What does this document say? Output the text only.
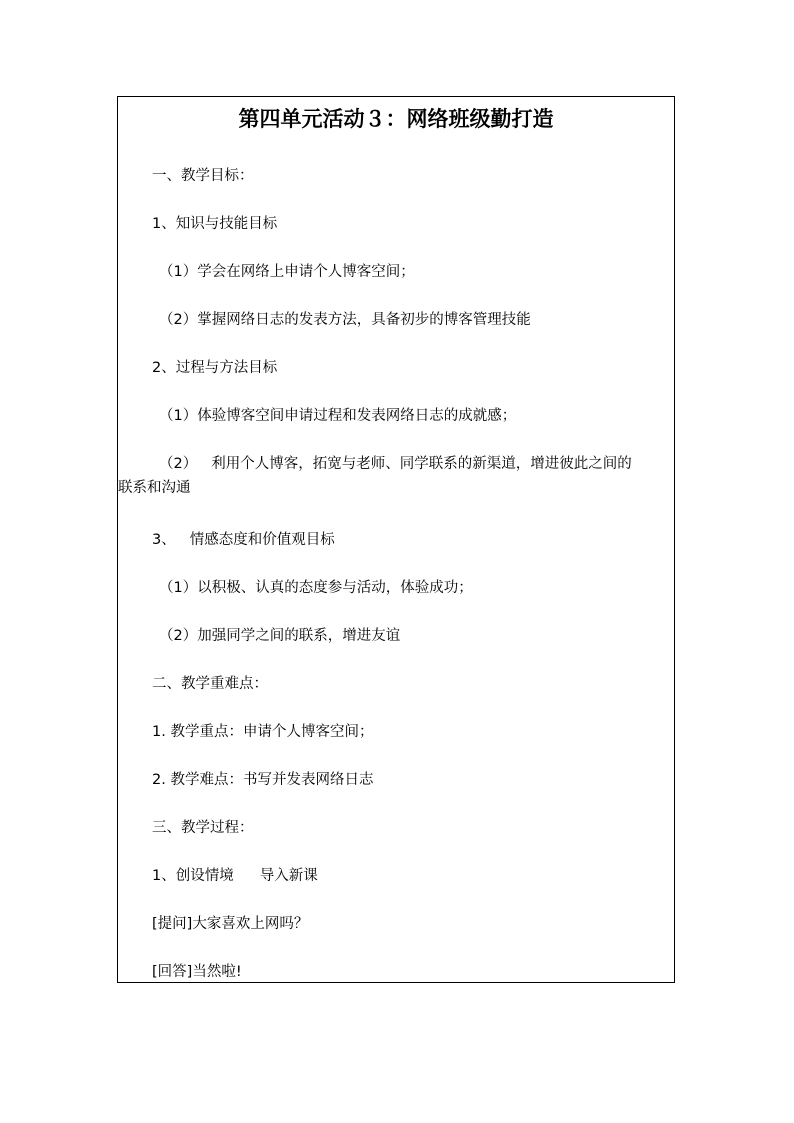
第四单元活动３：网络班级勤打造
一、教学目标：
1、知识与技能目标
（1）学会在网络上申请个人博客空间；
（2）掌握网络日志的发表方法，具备初步的博客管理技能
2、过程与方法目标
（1）体验博客空间申请过程和发表网络日志的成就感；
（2） 利用个人博客，拓宽与老师、同学联系的新渠道，增进彼此之间的
联系和沟通
3、 情感态度和价值观目标
（1）以积极、认真的态度参与活动，体验成功；
（2）加强同学之间的联系，增进友谊
二、教学重难点：
1. 教学重点：申请个人博客空间；
2. 教学难点：书写并发表网络日志
三、教学过程：
1、创设情境 导入新课
[提问]大家喜欢上网吗？
[回答]当然啦!
